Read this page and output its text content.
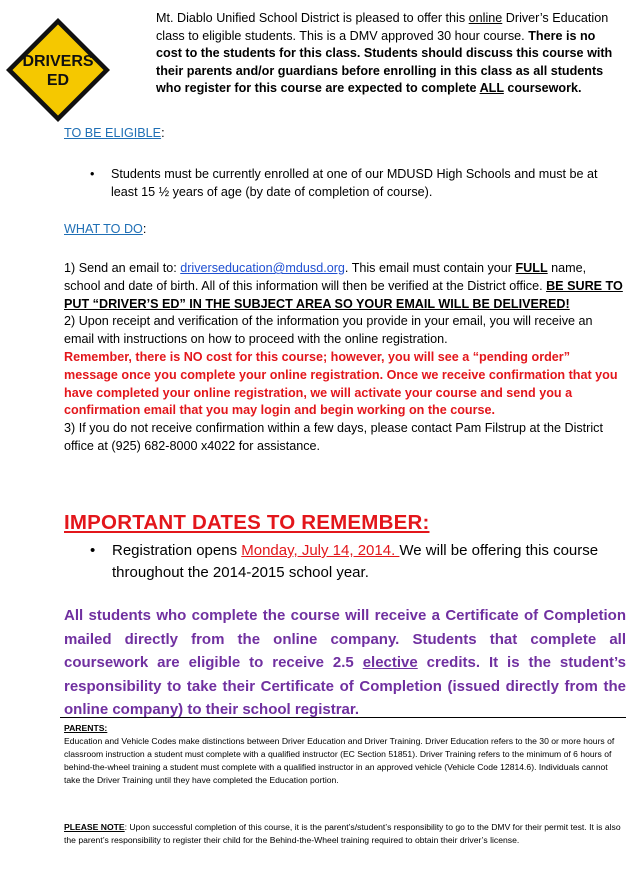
DRIVERS
ED
Mt. Diablo Unified School District is pleased to offer this online Driver’s Education class to eligible students. This is a DMV approved 30 hour course. There is no cost to the students for this class. Students should discuss this course with their parents and/or guardians before enrolling in this class as all students who register for this course are expected to complete ALL coursework.
TO BE ELIGIBLE:
• Students must be currently enrolled at one of our MDUSD High Schools and must be at least 15 ½ years of age (by date of completion of course).
WHAT TO DO:
1) Send an email to: driverseducation@mdusd.org. This email must contain your FULL name, school and date of birth. All of this information will then be verified at the District office. BE SURE TO PUT “DRIVER’S ED” IN THE SUBJECT AREA SO YOUR EMAIL WILL BE DELIVERED!
2) Upon receipt and verification of the information you provide in your email, you will receive an email with instructions on how to proceed with the online registration.
Remember, there is NO cost for this course; however, you will see a “pending order” message once you complete your online registration. Once we receive confirmation that you have completed your online registration, we will activate your course and send you a confirmation email that you may login and begin working on the course.
3) If you do not receive confirmation within a few days, please contact Pam Filstrup at the District office at (925) 682-8000 x4022 for assistance.
IMPORTANT DATES TO REMEMBER:
• Registration opens Monday, July 14, 2014. We will be offering this course throughout the 2014-2015 school year.
All students who complete the course will receive a Certificate of Completion mailed directly from the online company. Students that complete all coursework are eligible to receive 2.5 elective credits. It is the student’s responsibility to take their Certificate of Completion (issued directly from the online company) to their school registrar.
PARENTS:
Education and Vehicle Codes make distinctions between Driver Education and Driver Training. Driver Education refers to the 30 or more hours of classroom instruction a student must complete with a qualified instructor (EC Section 51851). Driver Training refers to the minimum of 6 hours of behind-the-wheel training a student must complete with a qualified instructor in an approved vehicle (Vehicle Code 12814.6). Individuals cannot take the Driver Training until they have completed the Education portion.
PLEASE NOTE: Upon successful completion of this course, it is the parent’s/student’s responsibility to go to the DMV for their permit test. It is also the parent’s responsibility to register their child for the Behind-the-Wheel training required to obtain their driver’s license.
